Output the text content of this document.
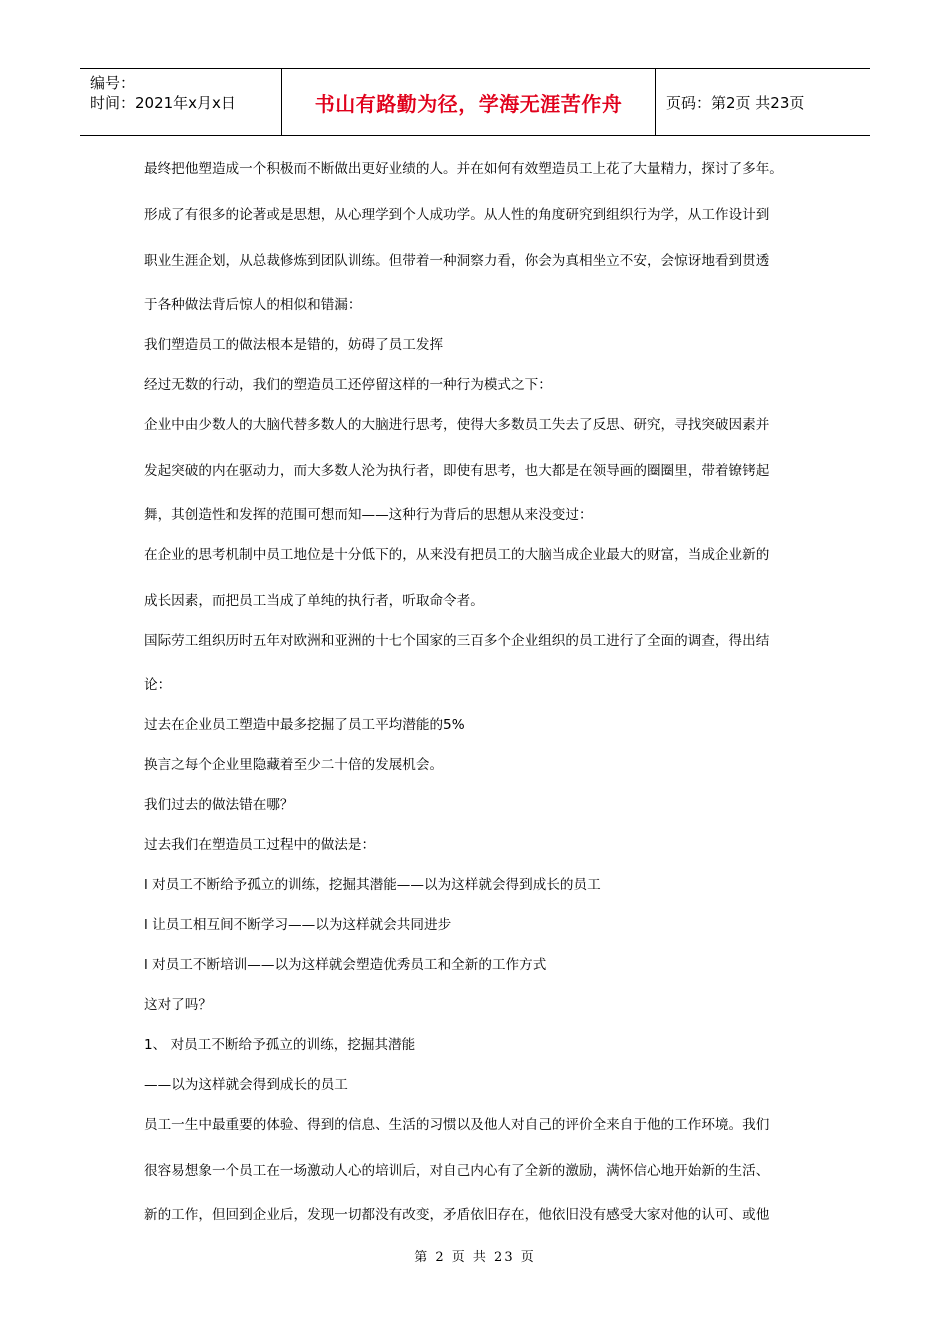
编号：
时间：2021年x月x日	书山有路勤为径，学海无涯苦作舟	页码：第2页 共23页
最终把他塑造成一个积极而不断做出更好业绩的人。并在如何有效塑造员工上花了大量精力，探讨了多年。
形成了有很多的论著或是思想，从心理学到个人成功学。从人性的角度研究到组织行为学，从工作设计到
职业生涯企划，从总裁修炼到团队训练。但带着一种洞察力看，你会为真相坐立不安，会惊讶地看到贯透
于各种做法背后惊人的相似和错漏：
我们塑造员工的做法根本是错的，妨碍了员工发挥
经过无数的行动，我们的塑造员工还停留这样的一种行为模式之下：
企业中由少数人的大脑代替多数人的大脑进行思考，使得大多数员工失去了反思、研究，寻找突破因素并
发起突破的内在驱动力，而大多数人沦为执行者，即使有思考，也大都是在领导画的圈圈里，带着镣铐起
舞，其创造性和发挥的范围可想而知——这种行为背后的思想从来没变过：
在企业的思考机制中员工地位是十分低下的，从来没有把员工的大脑当成企业最大的财富，当成企业新的
成长因素，而把员工当成了单纯的执行者，听取命令者。
国际劳工组织历时五年对欧洲和亚洲的十七个国家的三百多个企业组织的员工进行了全面的调查，得出结
论：
过去在企业员工塑造中最多挖掘了员工平均潜能的5%
换言之每个企业里隐藏着至少二十倍的发展机会。
我们过去的做法错在哪？
过去我们在塑造员工过程中的做法是：
l 对员工不断给予孤立的训练，挖掘其潜能——以为这样就会得到成长的员工
l 让员工相互间不断学习——以为这样就会共同进步
l 对员工不断培训——以为这样就会塑造优秀员工和全新的工作方式
这对了吗？
1、 对员工不断给予孤立的训练，挖掘其潜能
——以为这样就会得到成长的员工
员工一生中最重要的体验、得到的信息、生活的习惯以及他人对自己的评价全来自于他的工作环境。我们
很容易想象一个员工在一场激动人心的培训后，对自己内心有了全新的激励，满怀信心地开始新的生活、
新的工作，但回到企业后，发现一切都没有改变，矛盾依旧存在，他依旧没有感受大家对他的认可、或他
第 2 页 共 23 页
